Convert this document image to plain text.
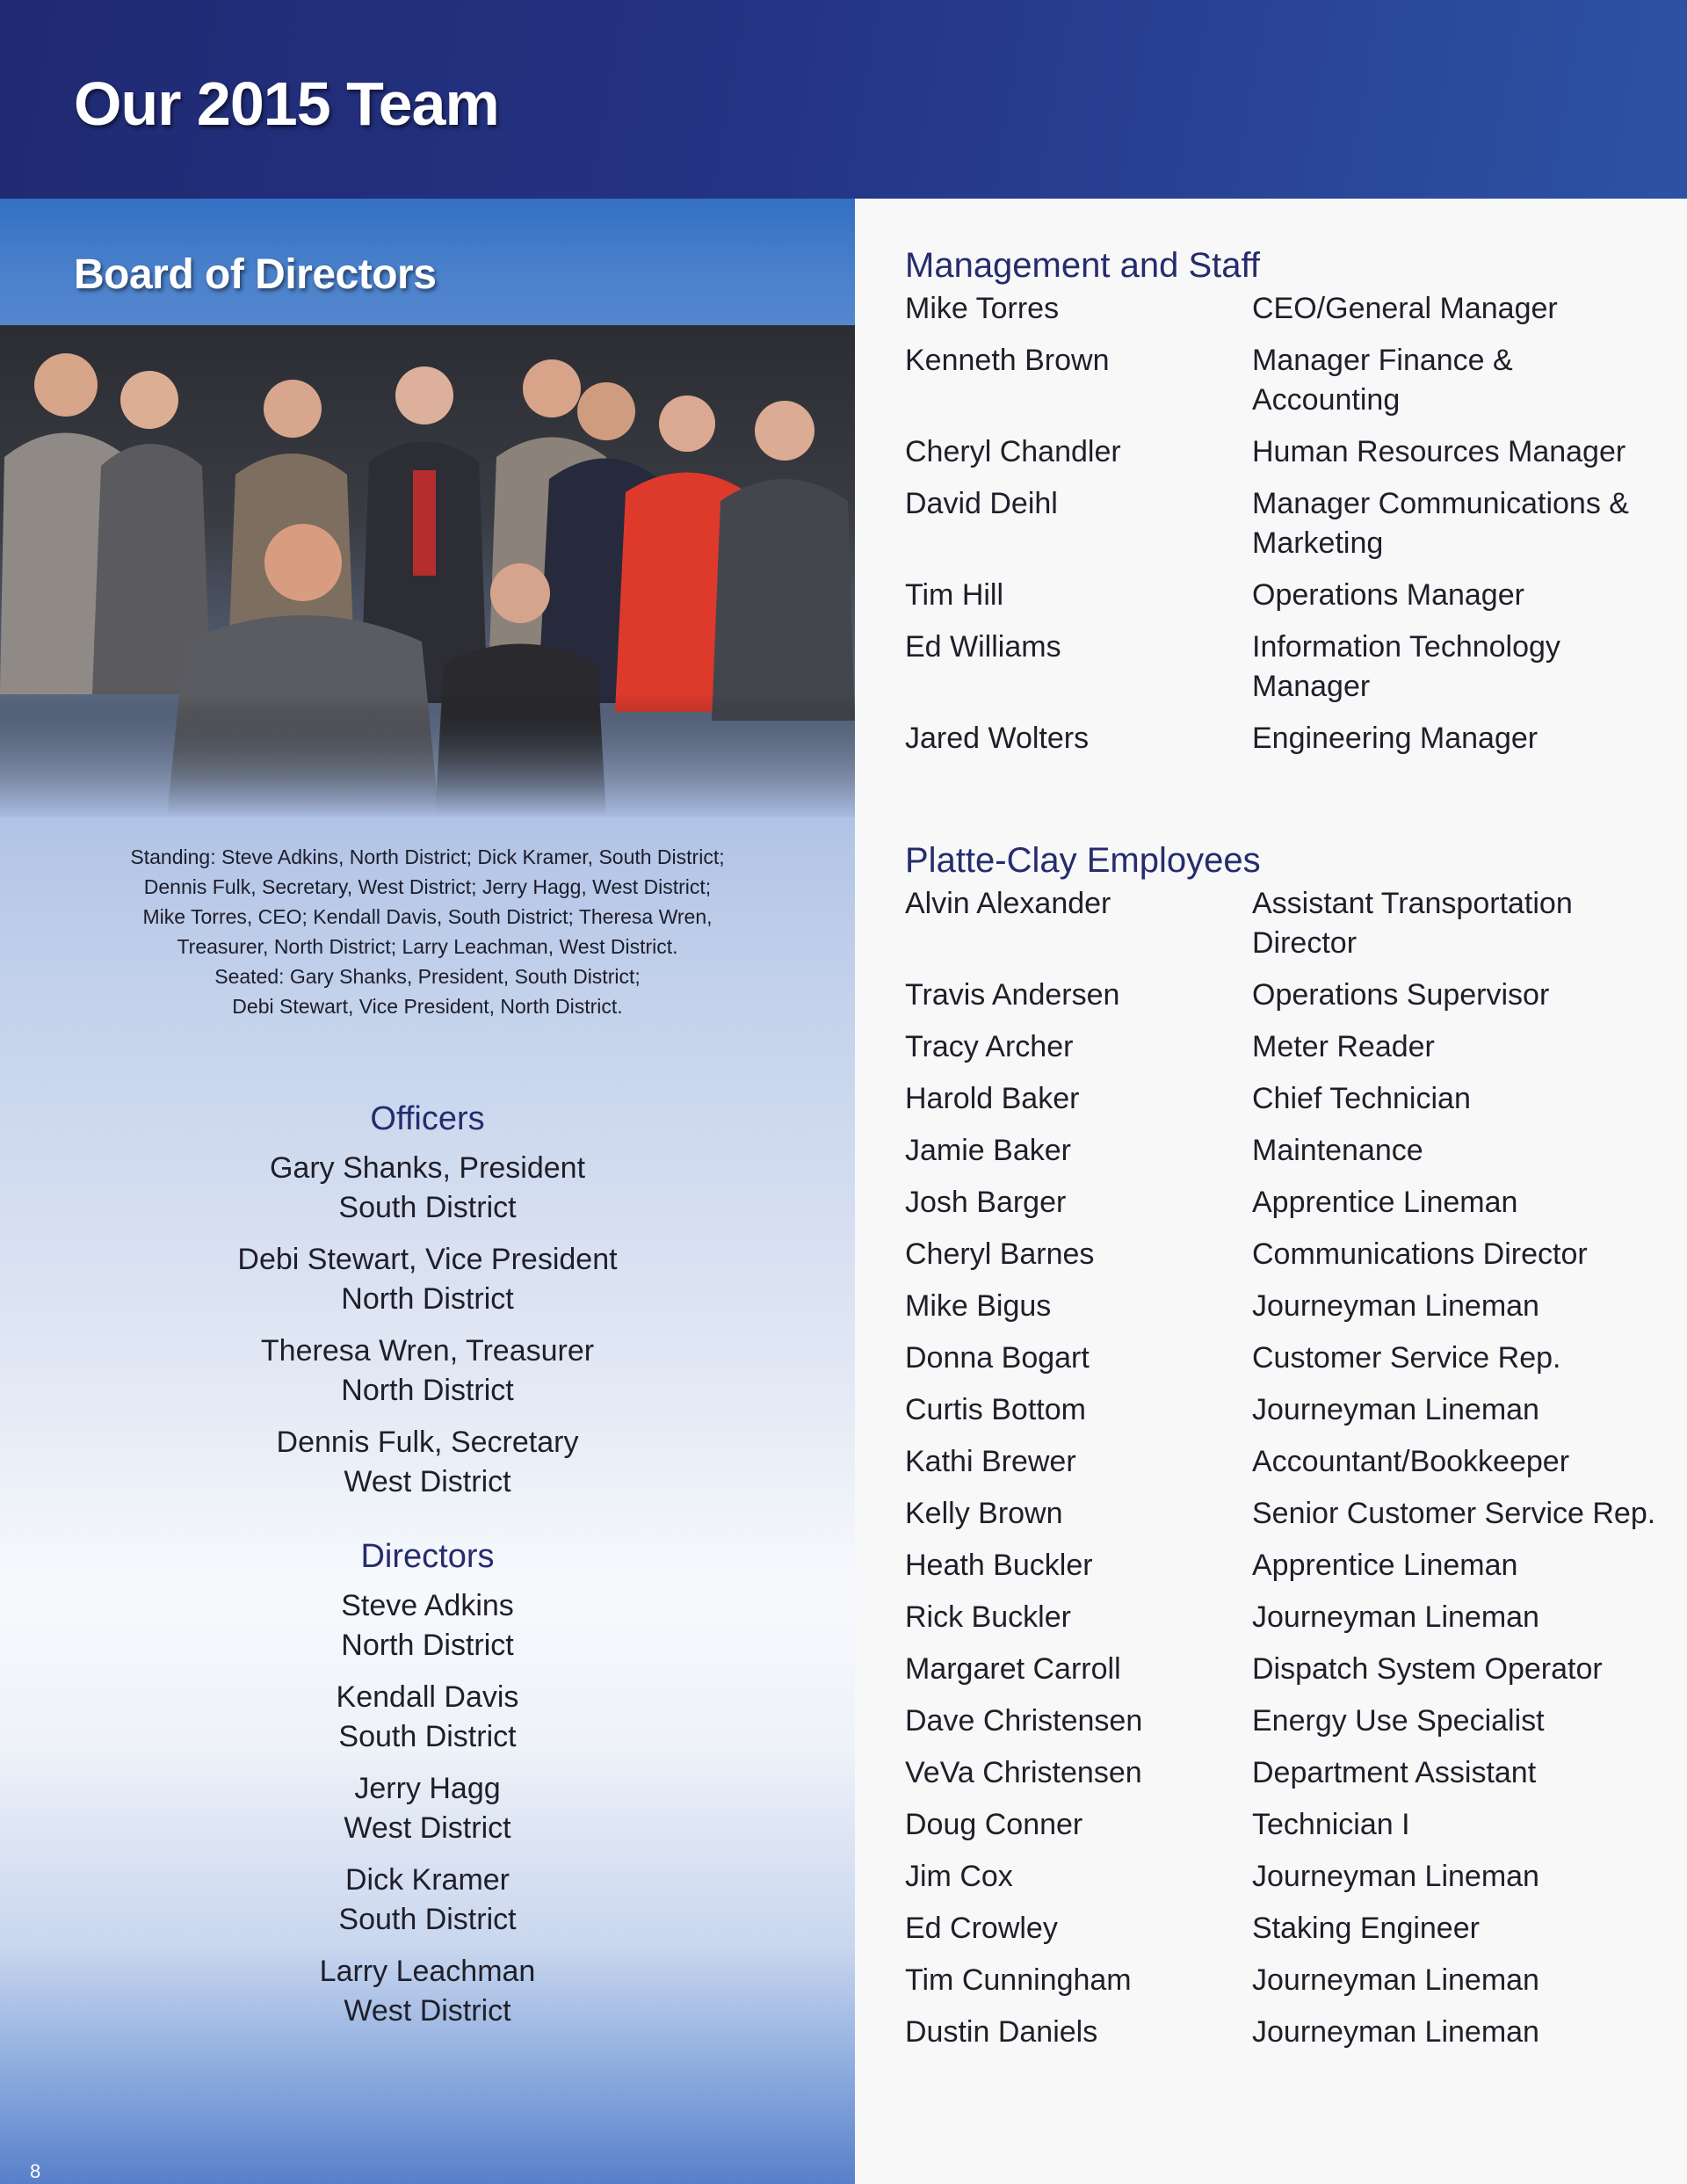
Our 2015 Team
Board of Directors
Standing: Steve Adkins, North District; Dick Kramer, South District;
Dennis Fulk, Secretary, West District; Jerry Hagg, West District;
Mike Torres, CEO; Kendall Davis, South District; Theresa Wren,
Treasurer, North District; Larry Leachman, West District.
Seated: Gary Shanks, President, South District;
Debi Stewart, Vice President, North District.
Officers
Gary Shanks, President
South District
Debi Stewart, Vice President
North District
Theresa Wren, Treasurer
North District
Dennis Fulk, Secretary
West District
Directors
Steve Adkins
North District
Kendall Davis
South District
Jerry Hagg
West District
Dick Kramer
South District
Larry Leachman
West District
Management and Staff
Mike Torres	CEO/General Manager
Kenneth Brown	Manager Finance & Accounting
Cheryl Chandler	Human Resources Manager
David Deihl	Manager Communications & Marketing
Tim Hill	Operations Manager
Ed Williams	Information Technology Manager
Jared Wolters	Engineering Manager
Platte-Clay Employees
Alvin Alexander	Assistant Transportation Director
Travis Andersen	Operations Supervisor
Tracy Archer	Meter Reader
Harold Baker	Chief Technician
Jamie Baker	Maintenance
Josh Barger	Apprentice Lineman
Cheryl Barnes	Communications Director
Mike Bigus	Journeyman Lineman
Donna Bogart	Customer Service Rep.
Curtis Bottom	Journeyman Lineman
Kathi Brewer	Accountant/Bookkeeper
Kelly Brown	Senior Customer Service Rep.
Heath Buckler	Apprentice Lineman
Rick Buckler	Journeyman Lineman
Margaret Carroll	Dispatch System Operator
Dave Christensen	Energy Use Specialist
VeVa Christensen	Department Assistant
Doug Conner	Technician I
Jim Cox	Journeyman Lineman
Ed Crowley	Staking Engineer
Tim Cunningham	Journeyman Lineman
Dustin Daniels	Journeyman Lineman
8
